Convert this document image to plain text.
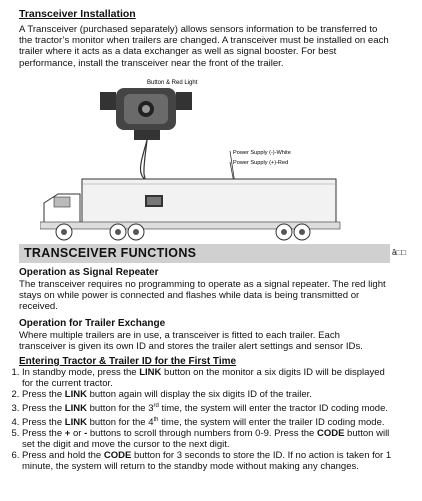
Transceiver Installation
A Transceiver (purchased separately) allows sensors information to be transferred to the tractor’s monitor when trailers are changed. A transceiver must be installed on each trailer where it acts as a data exchanger as well as signal booster. For best performance, install the transceiver near the front of the trailer.
Button & Red Light
Power Supply (-)-White
Power Supply (+)-Red
TRANSCEIVER FUNCTIONS	â□□
Operation as Signal Repeater
The transceiver requires no programming to operate as a signal repeater. The red light stays on while power is connected and flashes while data is being transmitted or received.
Operation for Trailer Exchange
Where multiple trailers are in use, a transceiver is fitted to each trailer. Each transceiver is given its own ID and stores the trailer alert settings and sensor IDs.
Entering Tractor & Trailer ID for the First Time
1. In standby mode, press the LINK button on the monitor a six digits ID will be displayed for the current tractor.
2. Press the LINK button again will display the six digits ID of the trailer.
3. Press the LINK button for the 3rd time, the system will enter the tractor ID coding mode.
4. Press the LINK button for the 4th time, the system will enter the trailer ID coding mode.
5. Press the + or - buttons to scroll through numbers from 0-9. Press the CODE button will set the digit and move the cursor to the next digit.
6. Press and hold the CODE button for 3 seconds to store the ID. If no action is taken for 1 minute, the system will return to the standby mode without making any changes.
